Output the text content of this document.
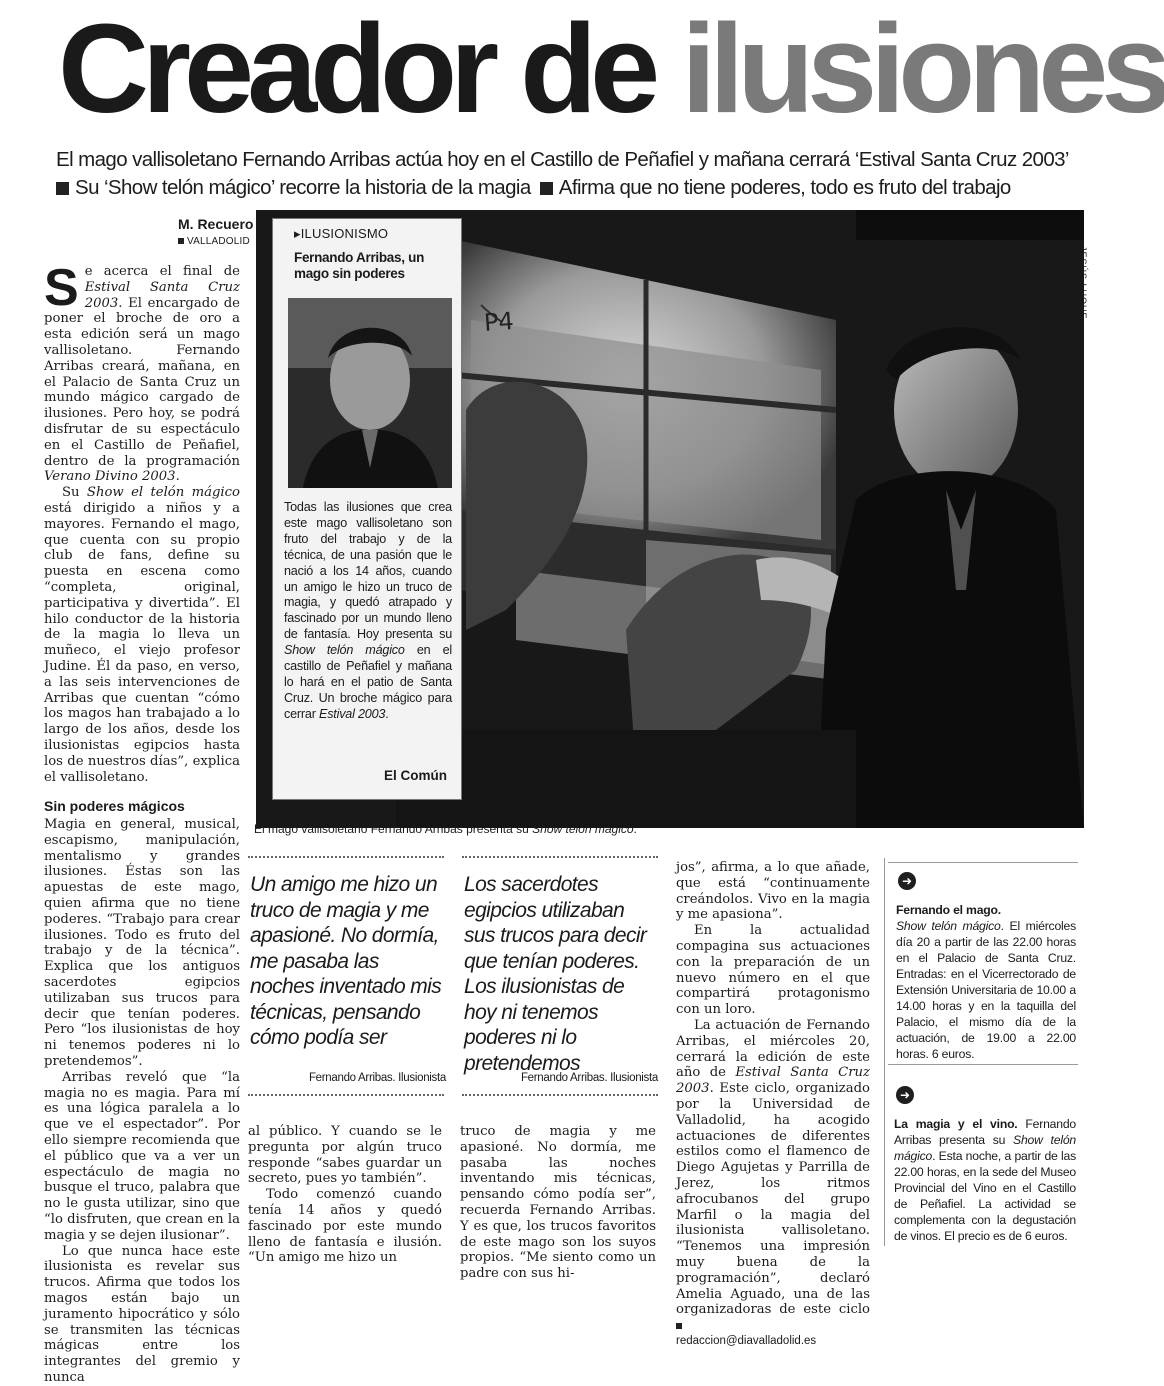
Creador de ilusiones
El mago vallisoletano Fernando Arribas actúa hoy en el Castillo de Peñafiel y mañana cerrará ‘Estival Santa Cruz 2003’
Su ‘Show telón mágico’ recorre la historia de la magia Afirma que no tiene poderes, todo es fruto del trabajo
M. Recuero
VALLADOLID

Se acerca el final de Estival Santa Cruz 2003. El encargado de poner el broche de oro a esta edición será un mago vallisoletano. Fernando Arribas creará, mañana, en el Palacio de Santa Cruz un mundo mágico cargado de ilusiones. Pero hoy, se podrá disfrutar de su espectáculo en el Castillo de Peñafiel, dentro de la programación Verano Divino 2003.

Su Show el telón mágico está dirigido a niños y a mayores. Fernando el mago, que cuenta con su propio club de fans, define su puesta en escena como “completa, original, participativa y divertida”. El hilo conductor de la historia de la magia lo lleva un muñeco, el viejo profesor Judine. Él da paso, en verso, a las seis intervenciones de Arribas que cuentan “cómo los magos han trabajado a lo largo de los años, desde los ilusionistas egipcios hasta los de nuestros días”, explica el vallisoletano.

Sin poderes mágicos

Magia en general, musical, escapismo, manipulación, mentalismo y grandes ilusiones. Éstas son las apuestas de este mago, quien afirma que no tiene poderes. “Trabajo para crear ilusiones. Todo es fruto del trabajo y de la técnica”. Explica que los antiguos sacerdotes egipcios utilizaban sus trucos para decir que tenían poderes. Pero “los ilusionistas de hoy ni tenemos poderes ni lo pretendemos”.

Arribas reveló que “la magia no es magia. Para mí es una lógica paralela a lo que ve el espectador”. Por ello siempre recomienda que el público que va a ver un espectáculo de magia no busque el truco, palabra que no le gusta utilizar, sino que “lo disfruten, que crean en la magia y se dejen ilusionar”.

Lo que nunca hace este ilusionista es revelar sus trucos. Afirma que todos los magos están bajo un juramento hipocrático y sólo se transmiten las técnicas mágicas entre los integrantes del gremio y nunca

JESÚS LUQUE
El mago vallisoletano Fernando Arribas presenta su Show telón mágico.
▸ILUSIONISMO
Fernando Arribas, un mago sin poderes
Todas las ilusiones que crea este mago vallisoletano son fruto del trabajo y de la técnica, de una pasión que le nació a los 14 años, cuando un amigo le hizo un truco de magia, y quedó atrapado y fascinado por un mundo lleno de fantasía. Hoy presenta su Show telón mágico en el castillo de Peñafiel y mañana lo hará en el patio de Santa Cruz. Un broche mágico para cerrar Estival 2003.
El Común
P4
Un amigo me hizo un truco de magia y me apasioné. No dormía, me pasaba las noches inventado mis técnicas, pensando cómo podía ser
Fernando Arribas. Ilusionista
Los sacerdotes egipcios utilizaban sus trucos para decir que tenían poderes. Los ilusionistas de hoy ni tenemos poderes ni lo pretendemos
Fernando Arribas. Ilusionista

al público. Y cuando se le pregunta por algún truco responde “sabes guardar un secreto, pues yo también”.

Todo comenzó cuando tenía 14 años y quedó fascinado por este mundo lleno de fantasía e ilusión. “Un amigo me hizo un

truco de magia y me apasioné. No dormía, me pasaba las noches inventando mis técnicas, pensando cómo podía ser”, recuerda Fernando Arribas. Y es que, los trucos favoritos de este mago son los suyos propios. “Me siento como un padre con sus hi-

jos”, afirma, a lo que añade, que está “continuamente creándolos. Vivo en la magia y me apasiona”.

En la actualidad compagina sus actuaciones con la preparación de un nuevo número en el que compartirá protagonismo con un loro.

La actuación de Fernando Arribas, el miércoles 20, cerrará la edición de este año de Estival Santa Cruz 2003. Este ciclo, organizado por la Universidad de Valladolid, ha acogido actuaciones de diferentes estilos como el flamenco de Diego Agujetas y Parrilla de Jerez, los ritmos afrocubanos del grupo Marfil o la magia del ilusionista vallisoletano. “Tenemos una impresión muy buena de la programación”, declaró Amelia Aguado, una de las organizadoras de este ciclo

redaccion@diavalladolid.es

➜
Fernando el mago.
Show telón mágico. El miércoles día 20 a partir de las 22.00 horas en el Palacio de Santa Cruz. Entradas: en el Vicerrectorado de Extensión Universitaria de 10.00 a 14.00 horas y en la taquilla del Palacio, el mismo día de la actuación, de 19.00 a 22.00 horas. 6 euros.
➜
La magia y el vino. Fernando Arribas presenta su Show telón mágico. Esta noche, a partir de las 22.00 horas, en la sede del Museo Provincial del Vino en el Castillo de Peñafiel. La actividad se complementa con la degustación de vinos. El precio es de 6 euros.
